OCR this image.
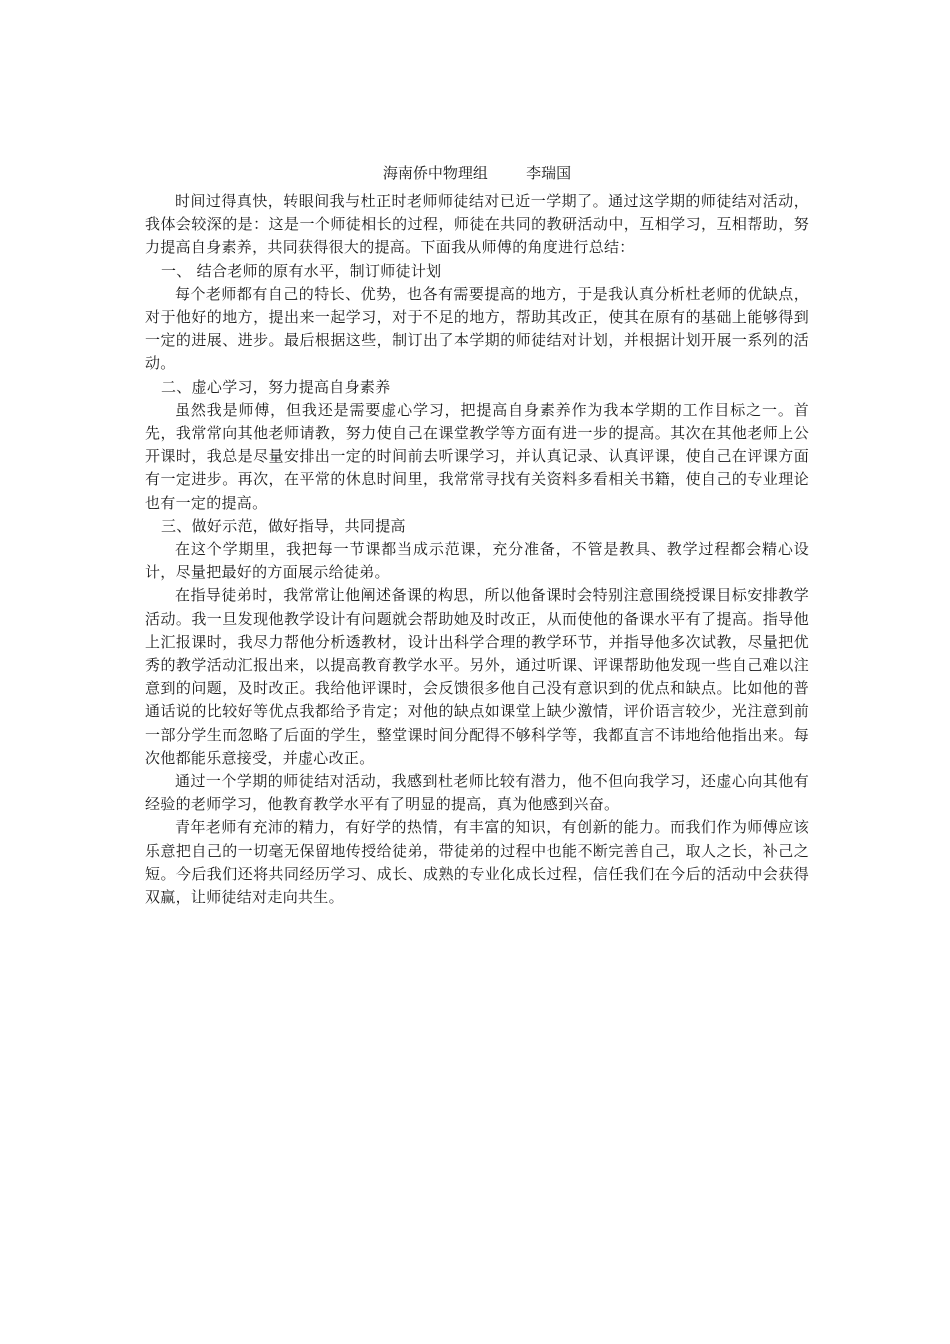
海南侨中物理组        李瑞国

时间过得真快，转眼间我与杜正时老师师徒结对已近一学期了。通过这学期的师徒结对活动，我体会较深的是：这是一个师徒相长的过程，师徒在共同的教研活动中，互相学习，互相帮助，努力提高自身素养，共同获得很大的提高。下面我从师傅的角度进行总结：

一、 结合老师的原有水平，制订师徒计划

每个老师都有自己的特长、优势，也各有需要提高的地方，于是我认真分析杜老师的优缺点，对于他好的地方，提出来一起学习，对于不足的地方，帮助其改正，使其在原有的基础上能够得到一定的进展、进步。最后根据这些，制订出了本学期的师徒结对计划，并根据计划开展一系列的活动。

二、虚心学习，努力提高自身素养

虽然我是师傅，但我还是需要虚心学习，把提高自身素养作为我本学期的工作目标之一。首先，我常常向其他老师请教，努力使自己在课堂教学等方面有进一步的提高。其次在其他老师上公开课时，我总是尽量安排出一定的时间前去听课学习，并认真记录、认真评课，使自己在评课方面有一定进步。再次，在平常的休息时间里，我常常寻找有关资料多看相关书籍，使自己的专业理论也有一定的提高。

三、做好示范，做好指导，共同提高

在这个学期里，我把每一节课都当成示范课，充分准备，不管是教具、教学过程都会精心设计，尽量把最好的方面展示给徒弟。

在指导徒弟时，我常常让他阐述备课的构思，所以他备课时会特别注意围绕授课目标安排教学活动。我一旦发现他教学设计有问题就会帮助她及时改正，从而使他的备课水平有了提高。指导他上汇报课时，我尽力帮他分析透教材，设计出科学合理的教学环节，并指导他多次试教，尽量把优秀的教学活动汇报出来，以提高教育教学水平。另外，通过听课、评课帮助他发现一些自己难以注意到的问题，及时改正。我给他评课时，会反馈很多他自己没有意识到的优点和缺点。比如他的普通话说的比较好等优点我都给予肯定；对他的缺点如课堂上缺少激情，评价语言较少，光注意到前一部分学生而忽略了后面的学生，整堂课时间分配得不够科学等，我都直言不讳地给他指出来。每次他都能乐意接受，并虚心改正。

通过一个学期的师徒结对活动，我感到杜老师比较有潜力，他不但向我学习，还虚心向其他有经验的老师学习，他教育教学水平有了明显的提高，真为他感到兴奋。

青年老师有充沛的精力，有好学的热情，有丰富的知识，有创新的能力。而我们作为师傅应该乐意把自己的一切毫无保留地传授给徒弟，带徒弟的过程中也能不断完善自己，取人之长，补己之短。今后我们还将共同经历学习、成长、成熟的专业化成长过程，信任我们在今后的活动中会获得双赢，让师徒结对走向共生。
